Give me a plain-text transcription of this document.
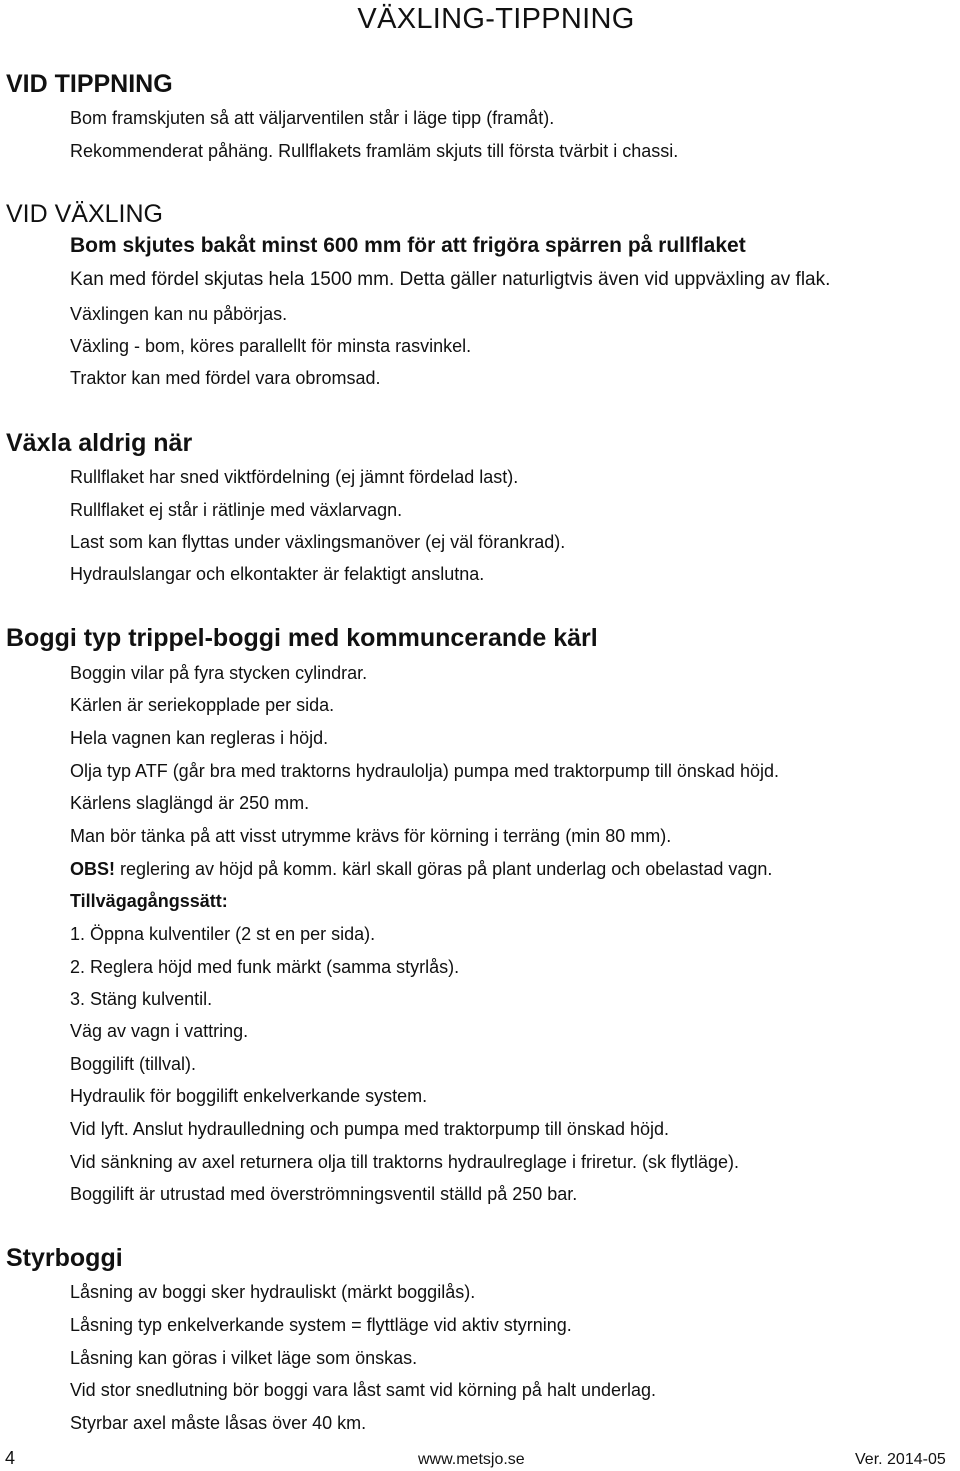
VÄXLING-TIPPNING
VID TIPPNING
Bom framskjuten så att väljarventilen står i läge tipp (framåt).
Rekommenderat påhäng. Rullflakets framläm skjuts till första tvärbit i chassi.
VID VÄXLING
Bom skjutes bakåt minst 600 mm för att frigöra spärren på rullflaket
Kan med fördel skjutas hela 1500 mm. Detta gäller naturligtvis även vid uppväxling av flak.
Växlingen kan nu påbörjas.
Växling - bom, köres parallellt för minsta rasvinkel.
Traktor kan med fördel vara obromsad.
Växla aldrig när
Rullflaket har sned viktfördelning (ej jämnt fördelad last).
Rullflaket ej står i rätlinje med växlarvagn.
Last som kan flyttas under växlingsmanöver (ej väl förankrad).
Hydraulslangar och elkontakter är felaktigt anslutna.
Boggi typ trippel-boggi med kommuncerande kärl
Boggin vilar på fyra stycken cylindrar.
Kärlen är seriekopplade per sida.
Hela vagnen kan regleras i höjd.
Olja typ ATF (går bra med traktorns hydraulolja) pumpa med traktorpump till önskad höjd.
Kärlens slaglängd är 250 mm.
Man bör tänka på att visst utrymme krävs för körning i terräng (min 80 mm).
OBS! reglering av höjd på komm. kärl skall göras på plant underlag och obelastad vagn.
Tillvägagångssätt:
1. Öppna kulventiler (2 st en per sida).
2. Reglera höjd med funk märkt (samma styrlås).
3. Stäng kulventil.
Väg av vagn i vattring.
Boggilift (tillval).
Hydraulik för boggilift enkelverkande system.
Vid lyft. Anslut hydraulledning och pumpa med traktorpump till önskad höjd.
Vid sänkning av axel returnera olja till traktorns hydraulreglage i friretur. (sk flytläge).
Boggilift är utrustad med överströmningsventil ställd på 250 bar.
Styrboggi
Låsning av boggi sker hydrauliskt (märkt boggilås).
Låsning typ enkelverkande system = flyttläge vid aktiv styrning.
Låsning kan göras i vilket läge som önskas.
Vid stor snedlutning bör boggi vara låst samt vid körning på halt underlag.
Styrbar axel måste låsas över 40 km.
4	www.metsjo.se	Ver. 2014-05
